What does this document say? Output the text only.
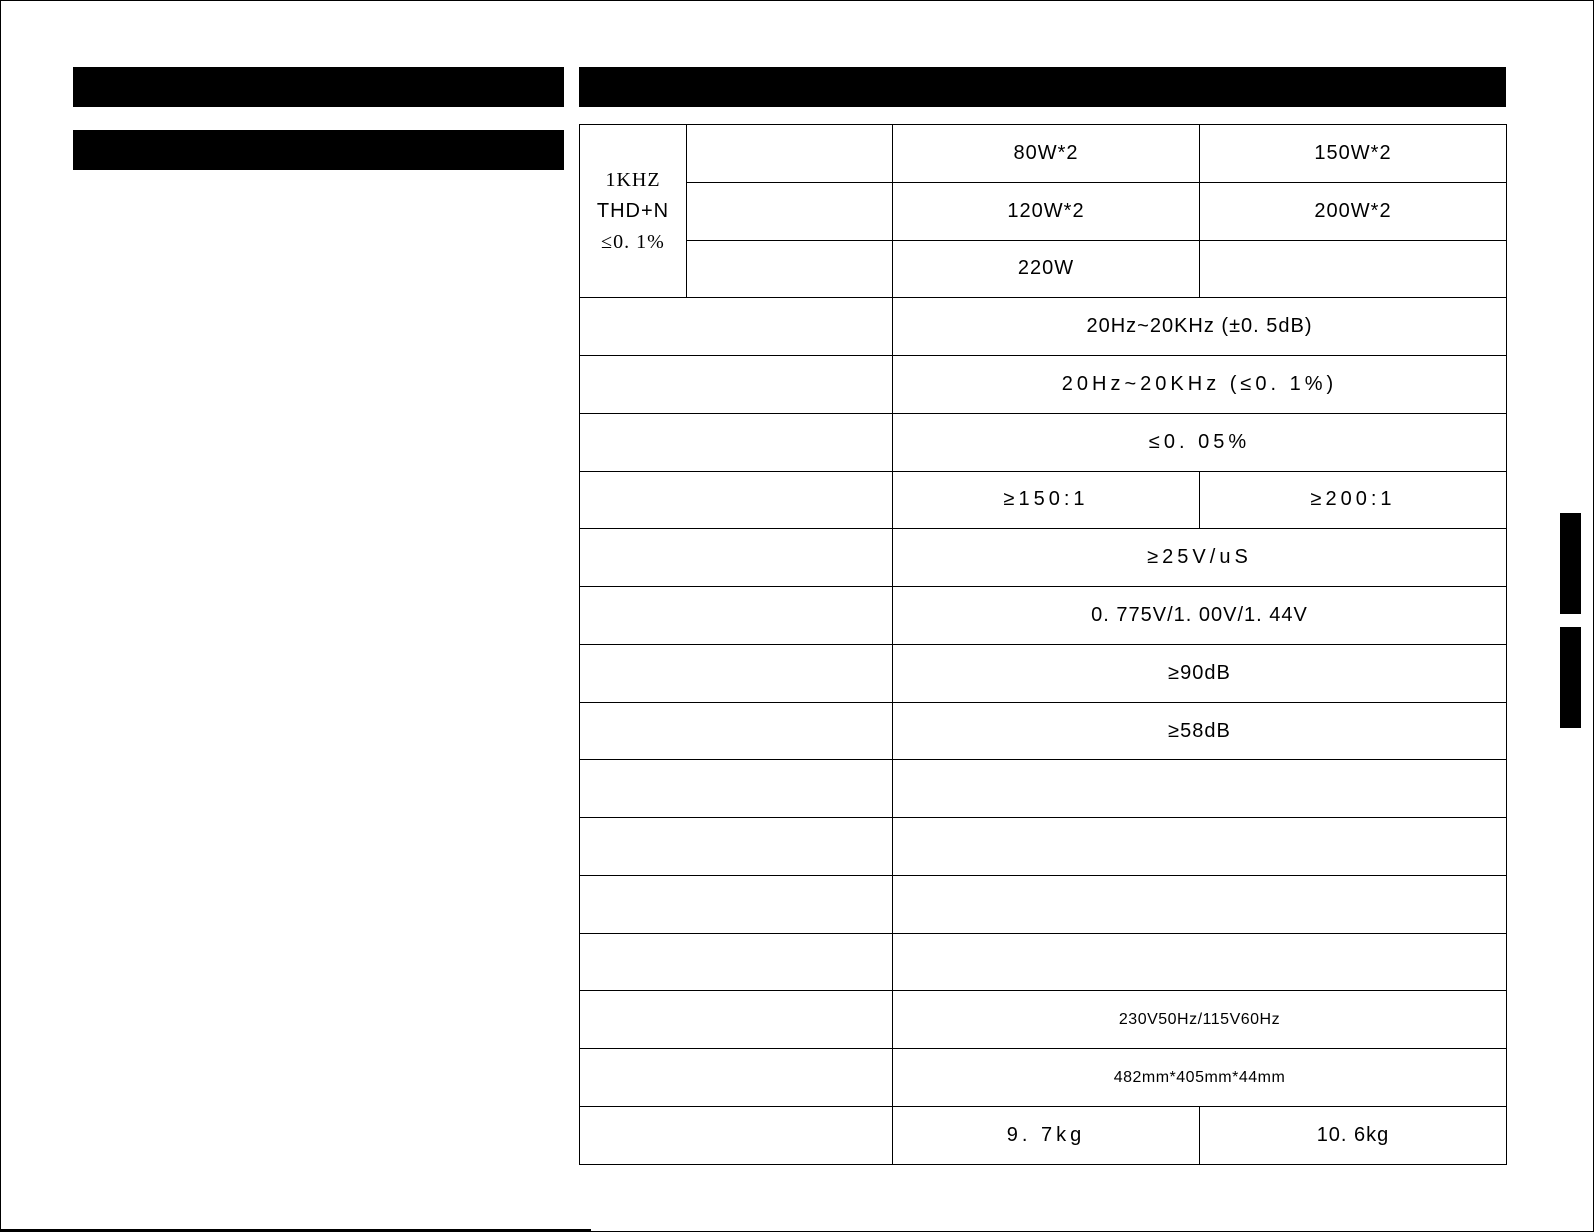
1KHZ
THD+N
≤0. 1%		80W*2	150W*2
		120W*2	200W*2
		220W	
		20Hz~20KHz (±0. 5dB)	
		20Hz~20KHz (≤0. 1%)	
		≤0. 05%	
		≥150:1	≥200:1
		≥25V/uS	
		0. 775V/1. 00V/1. 44V	
		≥90dB	
		≥58dB	

		230V50Hz/115V60Hz	
		482mm*405mm*44mm	
		9. 7kg	10. 6kg
